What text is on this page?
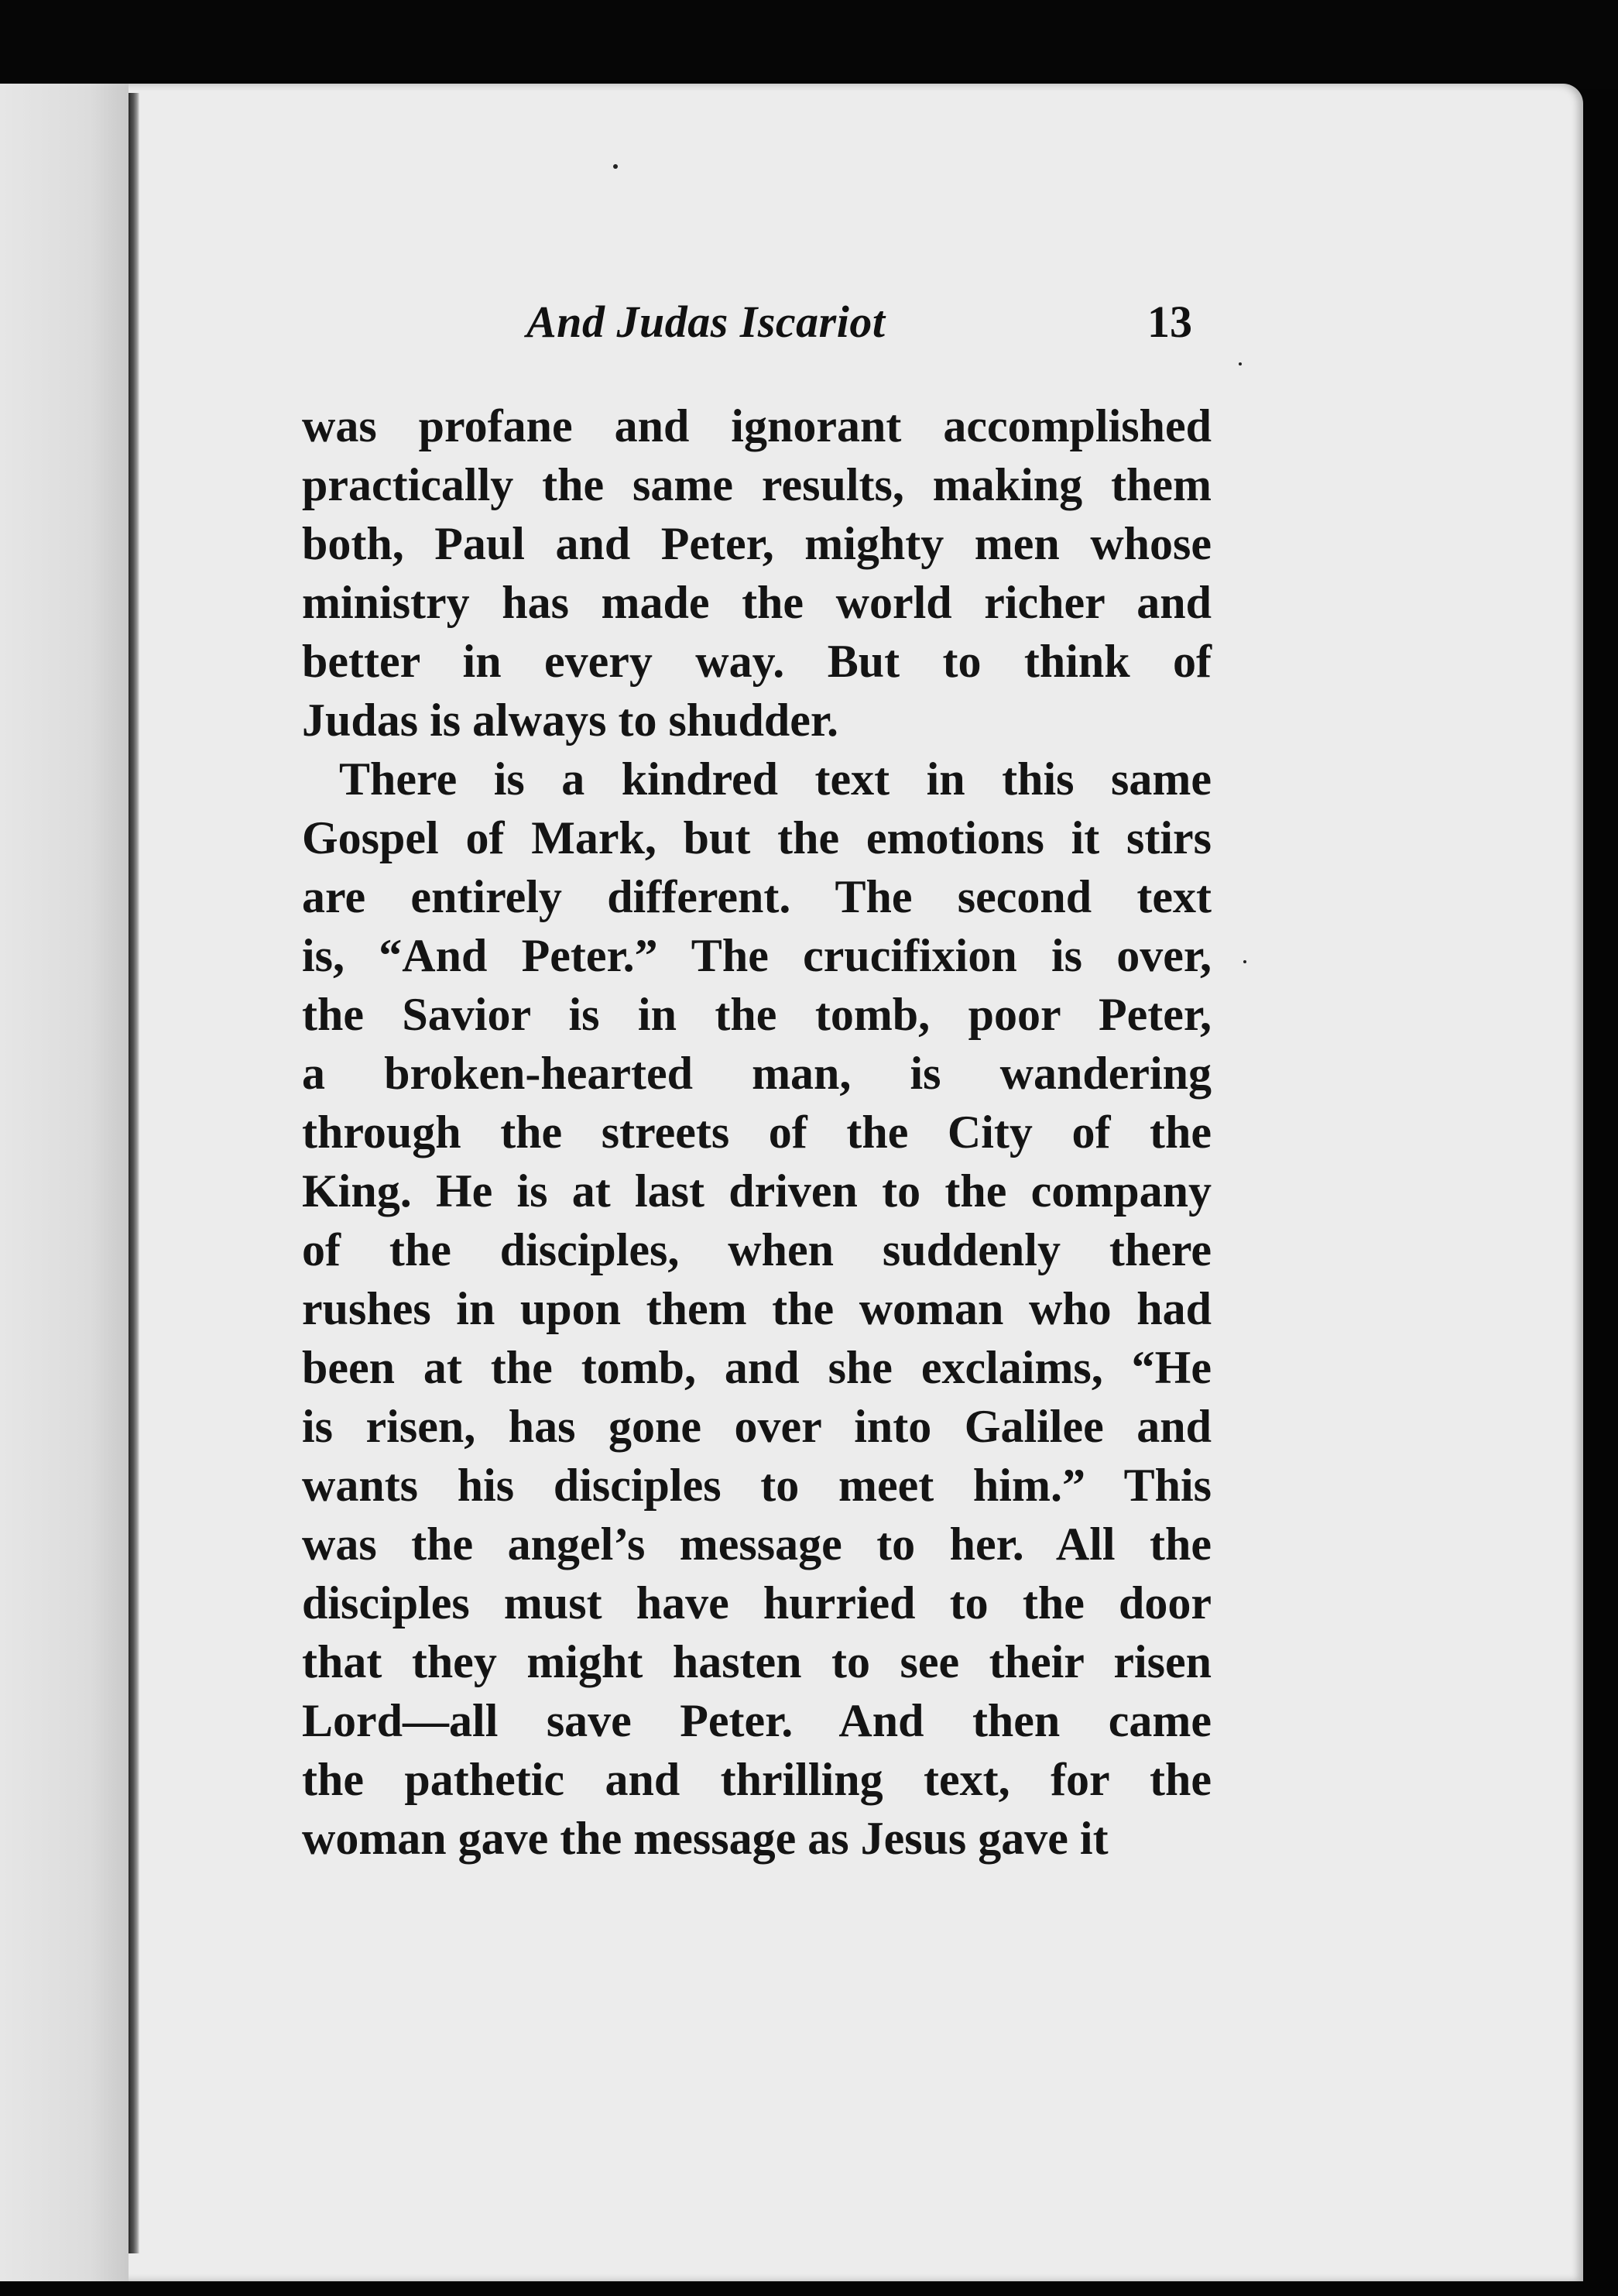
And Judas Iscariot	13
was profane and ignorant accomplished
practically the same results, making them
both, Paul and Peter, mighty men whose
ministry has made the world richer and
better in every way. But to think of
Judas is always to shudder.
There is a kindred text in this same
Gospel of Mark, but the emotions it stirs
are entirely different. The second text
is, “And Peter.” The crucifixion is over,
the Savior is in the tomb, poor Peter,
a broken-hearted man, is wandering
through the streets of the City of the
King. He is at last driven to the company
of the disciples, when suddenly there
rushes in upon them the woman who had
been at the tomb, and she exclaims, “He
is risen, has gone over into Galilee and
wants his disciples to meet him.” This
was the angel’s message to her. All the
disciples must have hurried to the door
that they might hasten to see their risen
Lord—all save Peter. And then came
the pathetic and thrilling text, for the
woman gave the message as Jesus gave it
